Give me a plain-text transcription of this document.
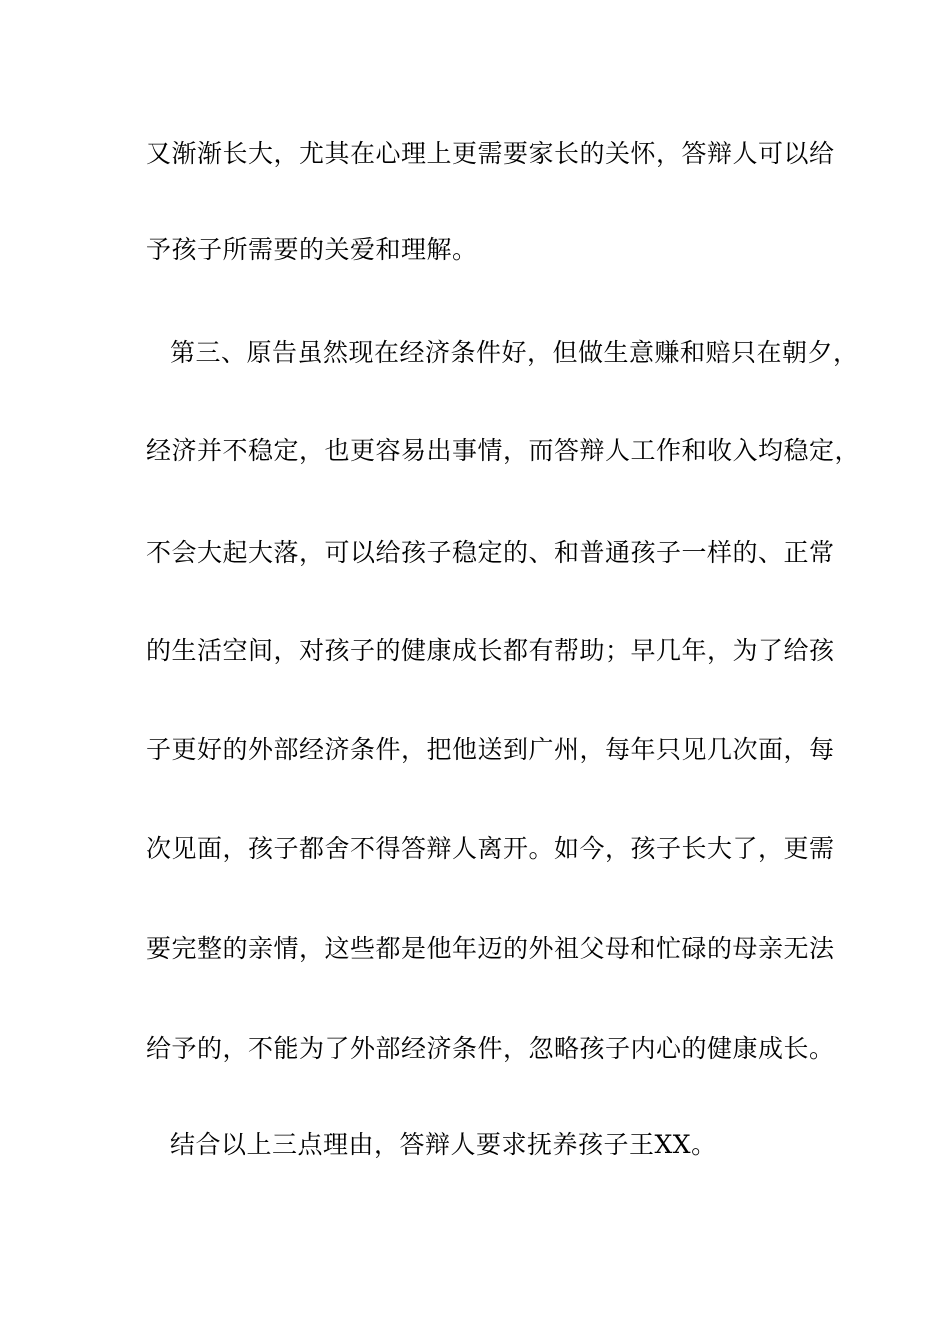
又渐渐长大，尤其在心理上更需要家长的关怀，答辩人可以给
予孩子所需要的关爱和理解。
第三、原告虽然现在经济条件好，但做生意赚和赔只在朝夕，
经济并不稳定，也更容易出事情，而答辩人工作和收入均稳定，
不会大起大落，可以给孩子稳定的、和普通孩子一样的、正常
的生活空间，对孩子的健康成长都有帮助；早几年，为了给孩
子更好的外部经济条件，把他送到广州，每年只见几次面，每
次见面，孩子都舍不得答辩人离开。如今，孩子长大了，更需
要完整的亲情，这些都是他年迈的外祖父母和忙碌的母亲无法
给予的，不能为了外部经济条件，忽略孩子内心的健康成长。
结合以上三点理由，答辩人要求抚养孩子王XX。
